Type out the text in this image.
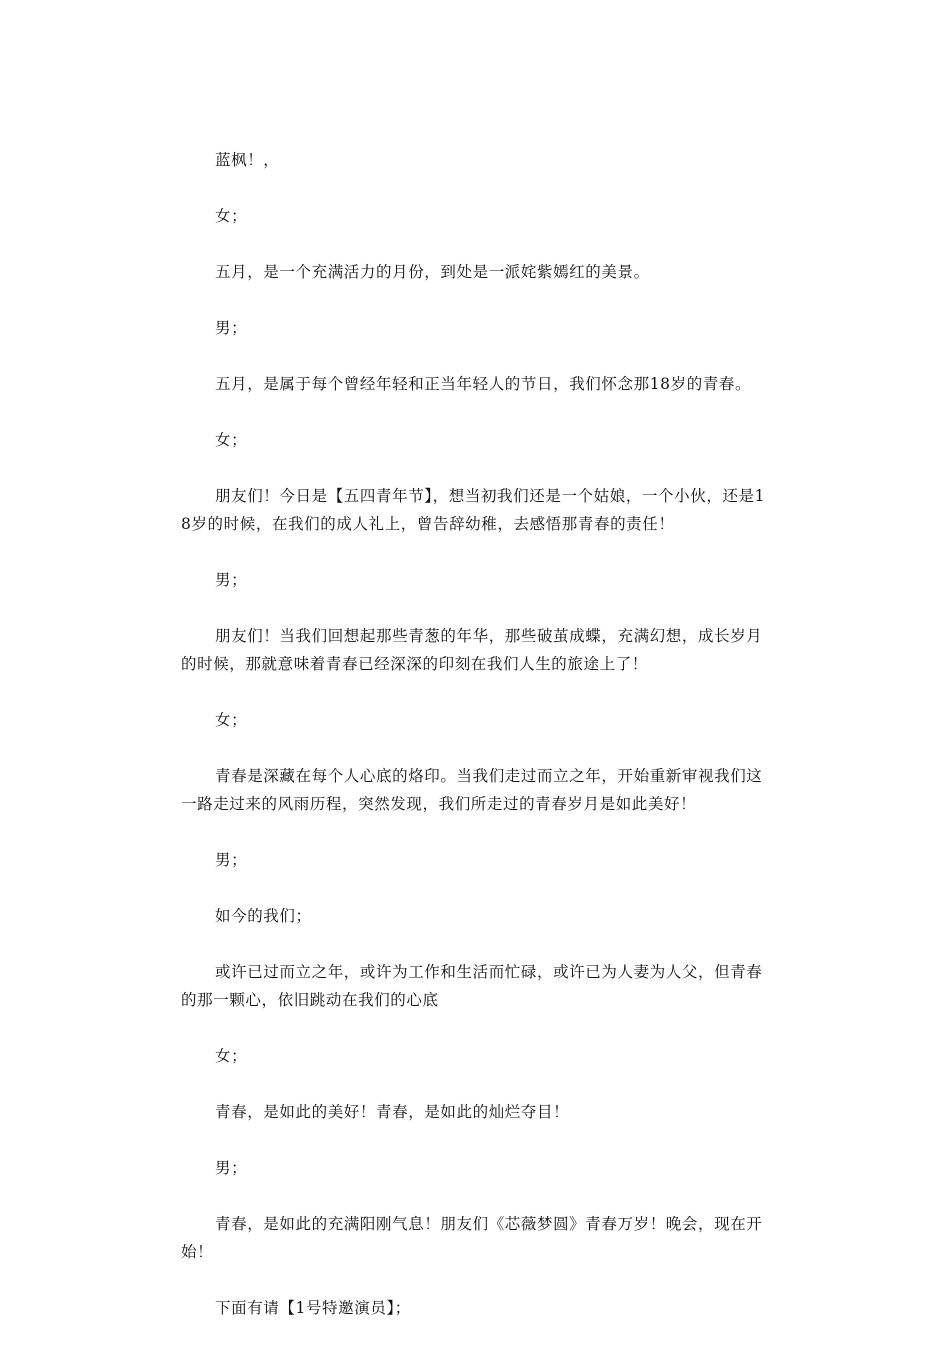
蓝枫！，

女；

五月，是一个充满活力的月份，到处是一派姹紫嫣红的美景。

男；

五月，是属于每个曾经年轻和正当年轻人的节日，我们怀念那18岁的青春。

女；

朋友们！今日是【五四青年节】，想当初我们还是一个姑娘，一个小伙，还是18岁的时候，在我们的成人礼上，曾告辞幼稚，去感悟那青春的责任！

男；

朋友们！当我们回想起那些青葱的年华，那些破茧成蝶，充满幻想，成长岁月的时候，那就意味着青春已经深深的印刻在我们人生的旅途上了！

女；

青春是深藏在每个人心底的烙印。当我们走过而立之年，开始重新审视我们这一路走过来的风雨历程，突然发现，我们所走过的青春岁月是如此美好！

男；

如今的我们；

或许已过而立之年，或许为工作和生活而忙碌，或许已为人妻为人父，但青春的那一颗心，依旧跳动在我们的心底

女；

青春，是如此的美好！青春，是如此的灿烂夺目！

男；

青春，是如此的充满阳刚气息！朋友们《芯薇梦圆》青春万岁！晚会，现在开始！

下面有请【1号特邀演员】；
